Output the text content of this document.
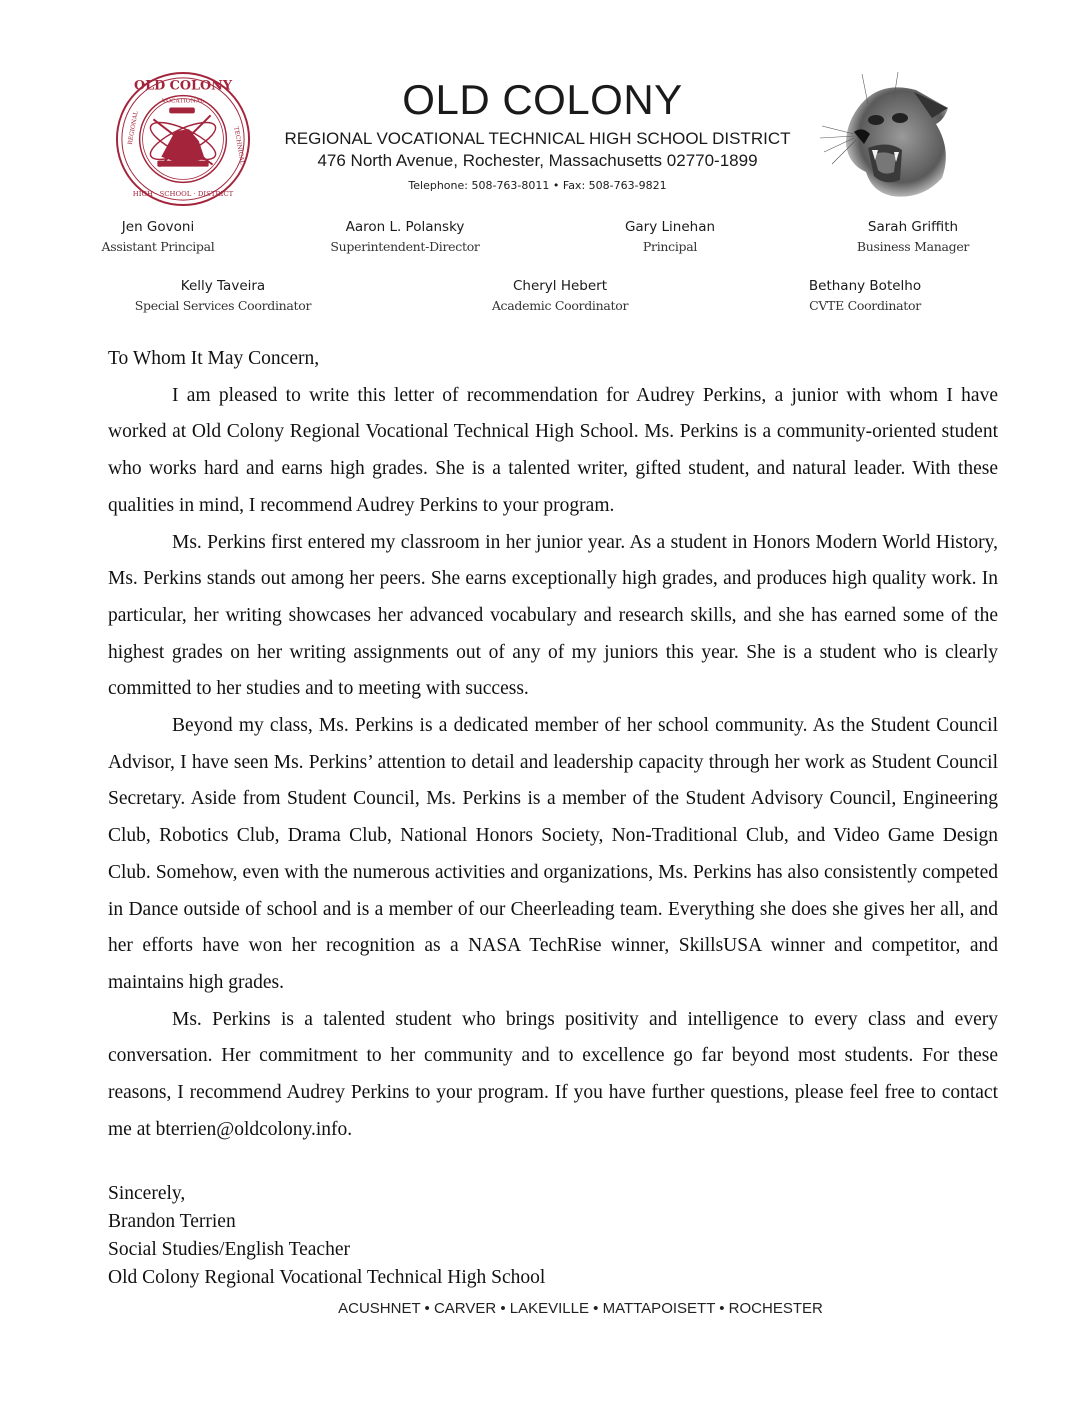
OLD COLONY
HIGH · SCHOOL · DISTRICT
REGIONAL	TECHNICAL
VOCATIONAL	OLD COLONY
REGIONAL VOCATIONAL TECHNICAL HIGH SCHOOL DISTRICT
476 North Avenue, Rochester, Massachusetts 02770-1899
Telephone: 508-763-8011 • Fax: 508-763-9821
Jen Govoni
Assistant Principal
Aaron L. Polansky
Superintendent-Director
Gary Linehan
Principal
Sarah Griffith
Business Manager
Kelly Taveira
Special Services Coordinator
Cheryl Hebert
Academic Coordinator
Bethany Botelho
CVTE Coordinator

To Whom It May Concern,

I am pleased to write this letter of recommendation for Audrey Perkins, a junior with whom I have worked at Old Colony Regional Vocational Technical High School. Ms. Perkins is a community-oriented student who works hard and earns high grades. She is a talented writer, gifted student, and natural leader. With these qualities in mind, I recommend Audrey Perkins to your program.

Ms. Perkins first entered my classroom in her junior year. As a student in Honors Modern World History, Ms. Perkins stands out among her peers. She earns exceptionally high grades, and produces high quality work. In particular, her writing showcases her advanced vocabulary and research skills, and she has earned some of the highest grades on her writing assignments out of any of my juniors this year. She is a student who is clearly committed to her studies and to meeting with success.

Beyond my class, Ms. Perkins is a dedicated member of her school community. As the Student Council Advisor, I have seen Ms. Perkins’ attention to detail and leadership capacity through her work as Student Council Secretary. Aside from Student Council, Ms. Perkins is a member of the Student Advisory Council, Engineering Club, Robotics Club, Drama Club, National Honors Society, Non-Traditional Club, and Video Game Design Club. Somehow, even with the numerous activities and organizations, Ms. Perkins has also consistently competed in Dance outside of school and is a member of our Cheerleading team. Everything she does she gives her all, and her efforts have won her recognition as a NASA TechRise winner, SkillsUSA winner and competitor, and maintains high grades.

Ms. Perkins is a talented student who brings positivity and intelligence to every class and every conversation. Her commitment to her community and to excellence go far beyond most students. For these reasons, I recommend Audrey Perkins to your program. If you have further questions, please feel free to contact me at bterrien@oldcolony.info.

Sincerely,
Brandon Terrien
Social Studies/English Teacher
Old Colony Regional Vocational Technical High School
ACUSHNET • CARVER • LAKEVILLE • MATTAPOISETT • ROCHESTER
